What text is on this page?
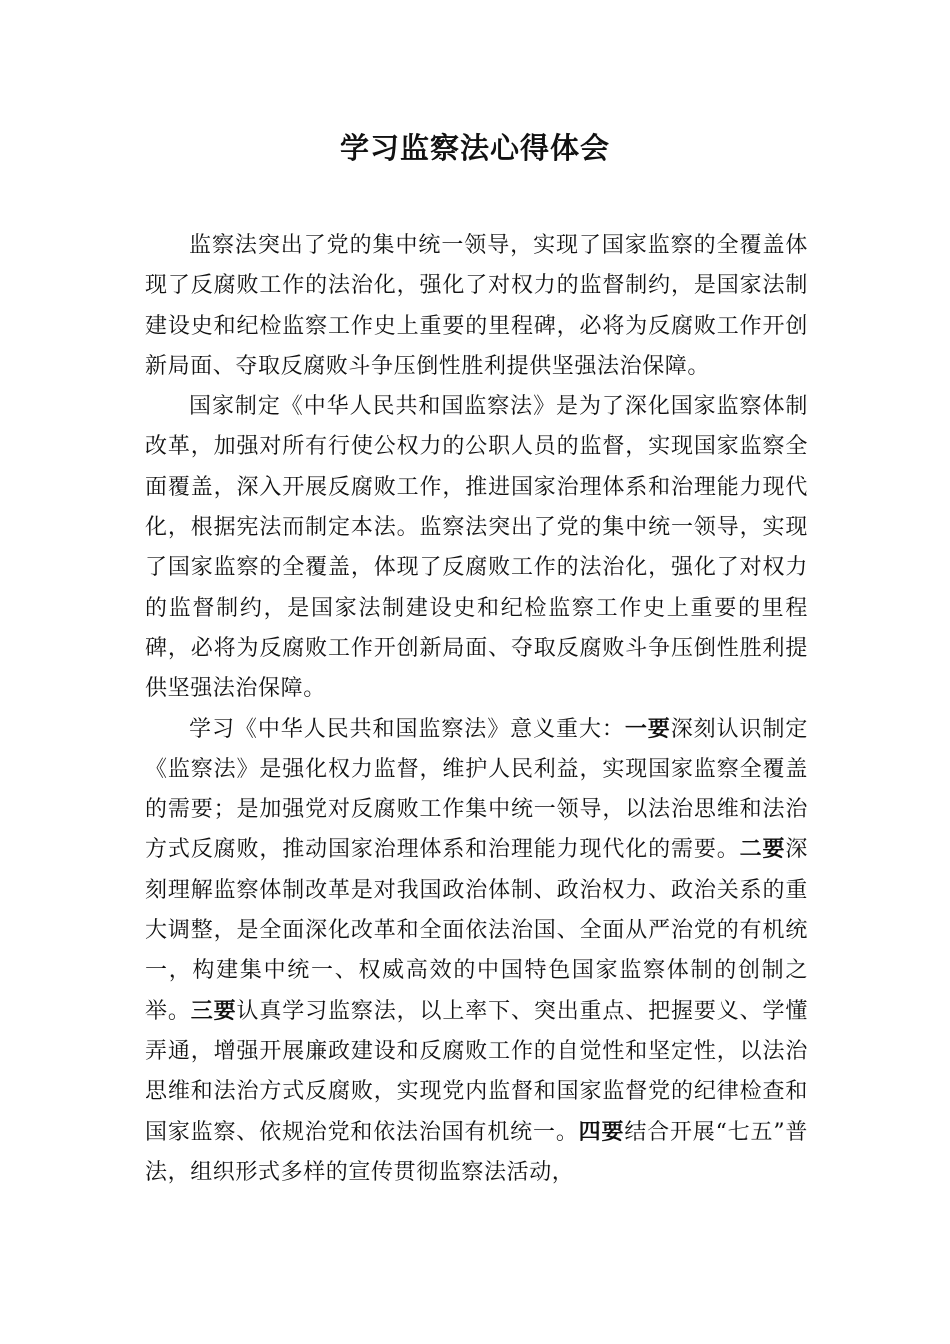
学习监察法心得体会

监察法突出了党的集中统一领导，实现了国家监察的全覆盖体现了反腐败工作的法治化，强化了对权力的监督制约，是国家法制建设史和纪检监察工作史上重要的里程碑，必将为反腐败工作开创新局面、夺取反腐败斗争压倒性胜利提供坚强法治保障。

国家制定《中华人民共和国监察法》是为了深化国家监察体制改革，加强对所有行使公权力的公职人员的监督，实现国家监察全面覆盖，深入开展反腐败工作，推进国家治理体系和治理能力现代化，根据宪法而制定本法。监察法突出了党的集中统一领导，实现了国家监察的全覆盖，体现了反腐败工作的法治化，强化了对权力的监督制约，是国家法制建设史和纪检监察工作史上重要的里程碑，必将为反腐败工作开创新局面、夺取反腐败斗争压倒性胜利提供坚强法治保障。

学习《中华人民共和国监察法》意义重大：一要深刻认识制定《监察法》是强化权力监督，维护人民利益，实现国家监察全覆盖的需要；是加强党对反腐败工作集中统一领导，以法治思维和法治方式反腐败，推动国家治理体系和治理能力现代化的需要。二要深刻理解监察体制改革是对我国政治体制、政治权力、政治关系的重大调整，是全面深化改革和全面依法治国、全面从严治党的有机统一，构建集中统一、权威高效的中国特色国家监察体制的创制之举。三要认真学习监察法，以上率下、突出重点、把握要义、学懂弄通，增强开展廉政建设和反腐败工作的自觉性和坚定性，以法治思维和法治方式反腐败，实现党内监督和国家监督党的纪律检查和国家监察、依规治党和依法治国有机统一。四要结合开展“七五”普法，组织形式多样的宣传贯彻监察法活动，
